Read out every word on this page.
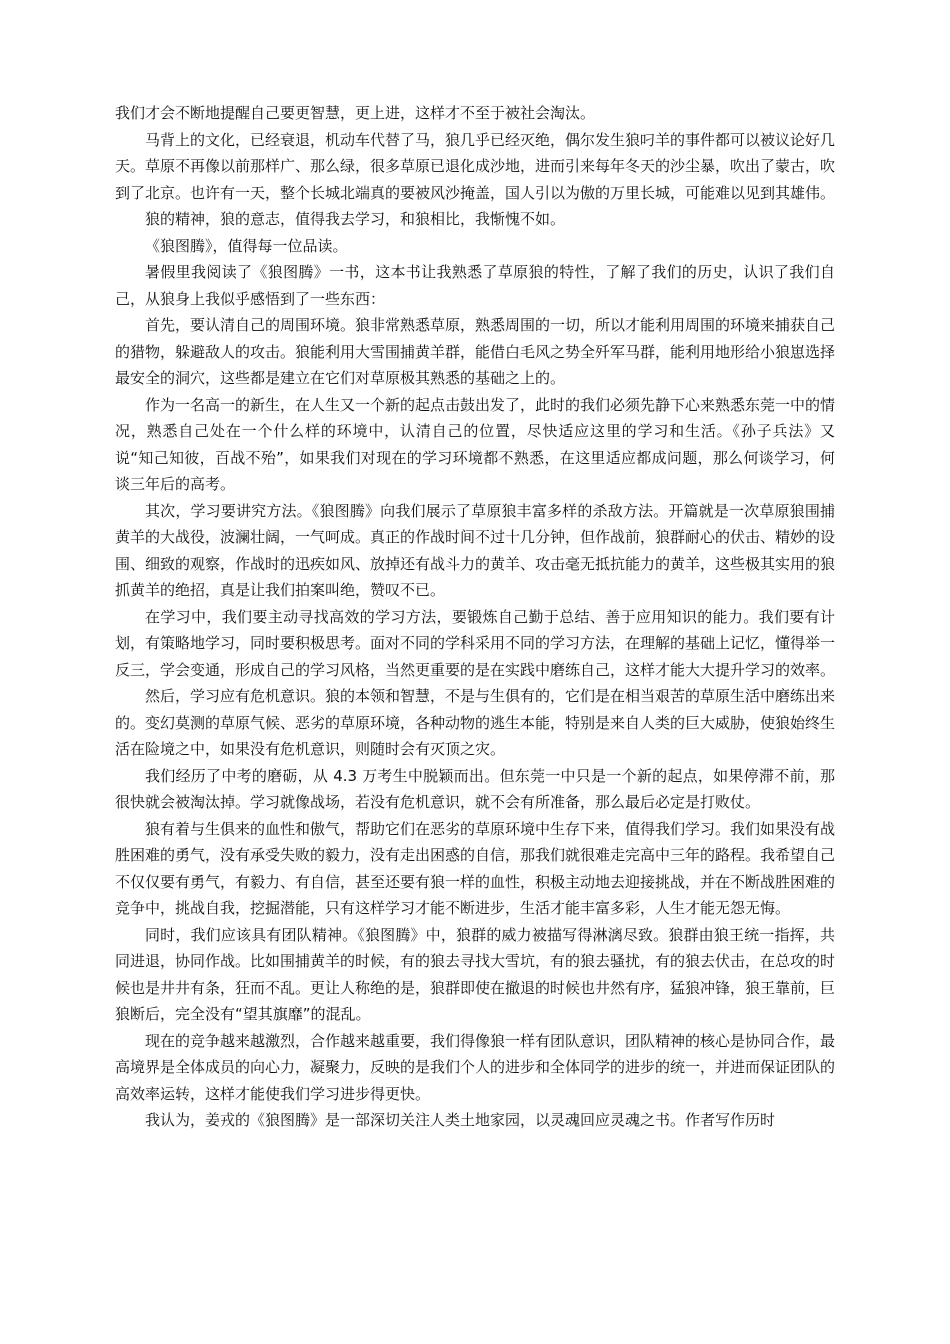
我们才会不断地提醒自己要更智慧，更上进，这样才不至于被社会淘汰。

马背上的文化，已经衰退，机动车代替了马，狼几乎已经灭绝，偶尔发生狼叼羊的事件都可以被议论好几天。草原不再像以前那样广、那么绿，很多草原已退化成沙地，进而引来每年冬天的沙尘暴，吹出了蒙古，吹到了北京。也许有一天，整个长城北端真的要被风沙掩盖，国人引以为傲的万里长城，可能难以见到其雄伟。

狼的精神，狼的意志，值得我去学习，和狼相比，我惭愧不如。

《狼图腾》，值得每一位品读。

暑假里我阅读了《狼图腾》一书，这本书让我熟悉了草原狼的特性，了解了我们的历史，认识了我们自己，从狼身上我似乎感悟到了一些东西：

首先，要认清自己的周围环境。狼非常熟悉草原，熟悉周围的一切，所以才能利用周围的环境来捕获自己的猎物，躲避敌人的攻击。狼能利用大雪围捕黄羊群，能借白毛风之势全歼军马群，能利用地形给小狼崽选择最安全的洞穴，这些都是建立在它们对草原极其熟悉的基础之上的。

作为一名高一的新生，在人生又一个新的起点击鼓出发了，此时的我们必须先静下心来熟悉东莞一中的情况，熟悉自己处在一个什么样的环境中，认清自己的位置，尽快适应这里的学习和生活。《孙子兵法》又说“知己知彼，百战不殆”，如果我们对现在的学习环境都不熟悉，在这里适应都成问题，那么何谈学习，何谈三年后的高考。

其次，学习要讲究方法。《狼图腾》向我们展示了草原狼丰富多样的杀敌方法。开篇就是一次草原狼围捕黄羊的大战役，波澜壮阔，一气呵成。真正的作战时间不过十几分钟，但作战前，狼群耐心的伏击、精妙的设围、细致的观察，作战时的迅疾如风、放掉还有战斗力的黄羊、攻击毫无抵抗能力的黄羊，这些极其实用的狼抓黄羊的绝招，真是让我们拍案叫绝，赞叹不已。

在学习中，我们要主动寻找高效的学习方法，要锻炼自己勤于总结、善于应用知识的能力。我们要有计划，有策略地学习，同时要积极思考。面对不同的学科采用不同的学习方法，在理解的基础上记忆，懂得举一反三，学会变通，形成自己的学习风格，当然更重要的是在实践中磨练自己，这样才能大大提升学习的效率。

然后，学习应有危机意识。狼的本领和智慧，不是与生俱有的，它们是在相当艰苦的草原生活中磨练出来的。变幻莫测的草原气候、恶劣的草原环境，各种动物的逃生本能，特别是来自人类的巨大威胁，使狼始终生活在险境之中，如果没有危机意识，则随时会有灭顶之灾。

我们经历了中考的磨砺，从 4.3 万考生中脱颖而出。但东莞一中只是一个新的起点，如果停滞不前，那很快就会被淘汰掉。学习就像战场，若没有危机意识，就不会有所准备，那么最后必定是打败仗。

狼有着与生俱来的血性和傲气，帮助它们在恶劣的草原环境中生存下来，值得我们学习。我们如果没有战胜困难的勇气，没有承受失败的毅力，没有走出困惑的自信，那我们就很难走完高中三年的路程。我希望自己不仅仅要有勇气，有毅力、有自信，甚至还要有狼一样的血性，积极主动地去迎接挑战，并在不断战胜困难的竞争中，挑战自我，挖掘潜能，只有这样学习才能不断进步，生活才能丰富多彩，人生才能无怨无悔。

同时，我们应该具有团队精神。《狼图腾》中，狼群的威力被描写得淋漓尽致。狼群由狼王统一指挥，共同进退，协同作战。比如围捕黄羊的时候，有的狼去寻找大雪坑，有的狼去骚扰，有的狼去伏击，在总攻的时候也是井井有条，狂而不乱。更让人称绝的是，狼群即使在撤退的时候也井然有序，猛狼冲锋，狼王靠前，巨狼断后，完全没有“望其旗靡”的混乱。

现在的竞争越来越激烈，合作越来越重要，我们得像狼一样有团队意识，团队精神的核心是协同合作，最高境界是全体成员的向心力，凝聚力，反映的是我们个人的进步和全体同学的进步的统一，并进而保证团队的高效率运转，这样才能使我们学习进步得更快。

我认为，姜戎的《狼图腾》是一部深切关注人类土地家园，以灵魂回应灵魂之书。作者写作历时
